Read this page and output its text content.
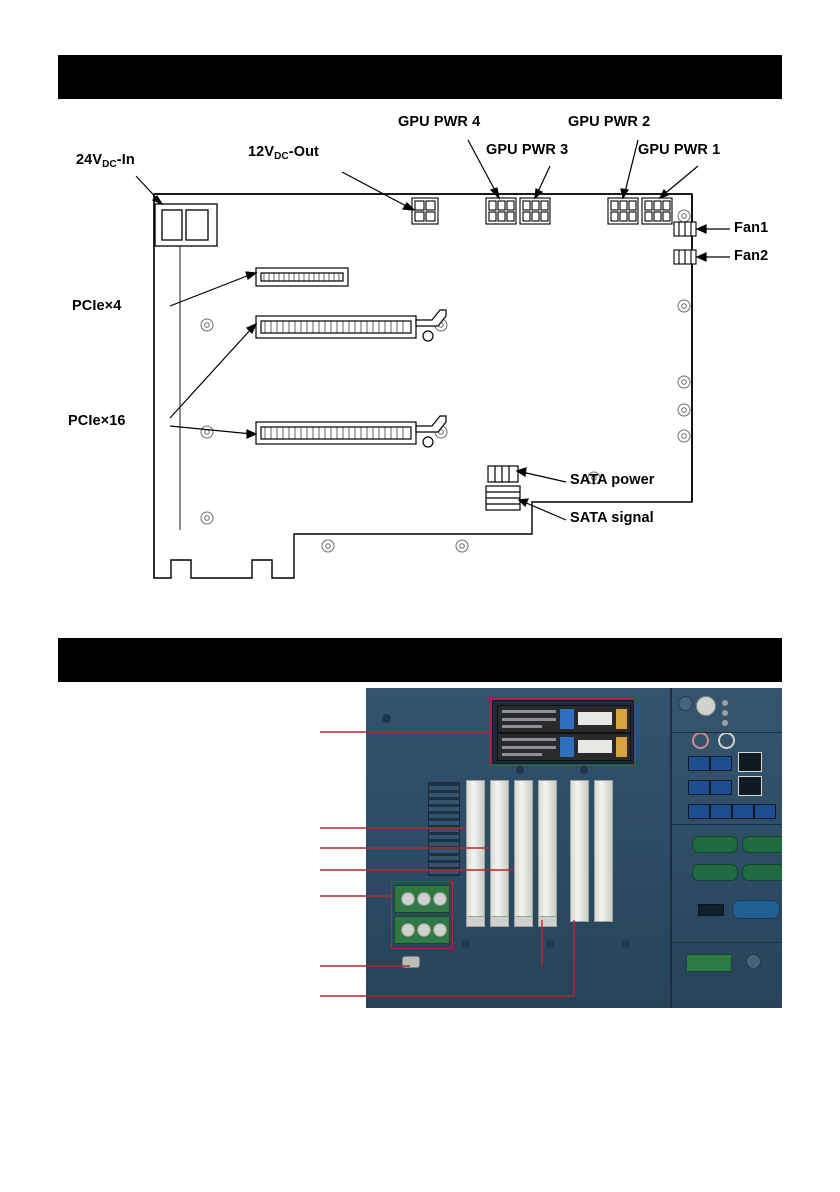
$24V_{DC}-In$	$12V_{DC}$-Out
GPU PWR 4
GPU PWR 3
GPU PWR 2
GPU PWR 1
Fan1
Fan2
PCIe×4
PCIe×16
SATA power
SATA signal
